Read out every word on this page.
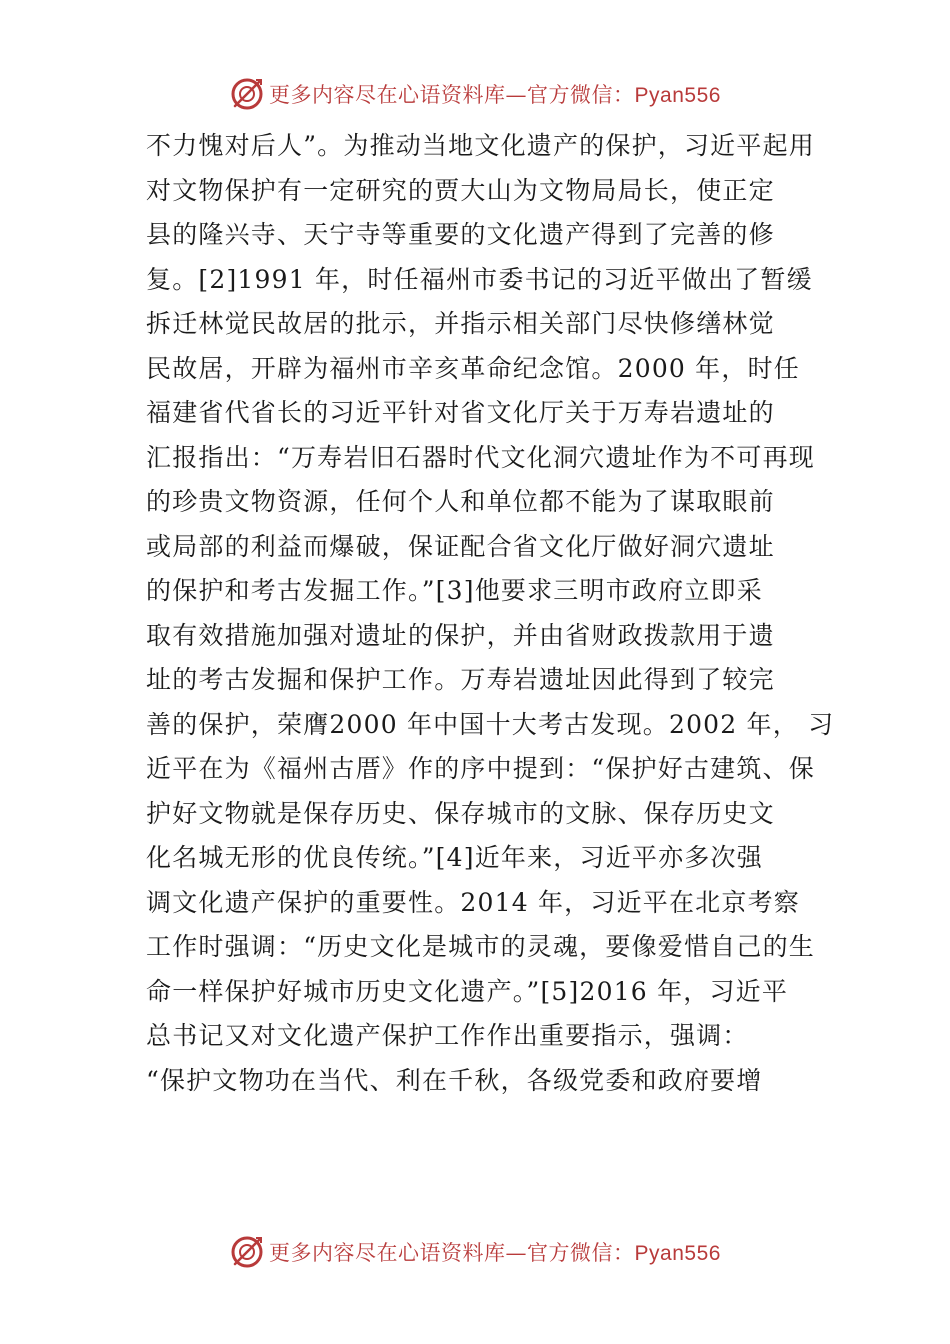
更多内容尽在心语资料库—官方微信：Pyan556
不力愧对后人”。为推动当地文化遗产的保护，习近平起用
对文物保护有一定研究的贾大山为文物局局长，使正定
县的隆兴寺、天宁寺等重要的文化遗产得到了完善的修
复。[2]1991 年，时任福州市委书记的习近平做出了暂缓
拆迁林觉民故居的批示，并指示相关部门尽快修缮林觉
民故居，开辟为福州市辛亥革命纪念馆。2000 年，时任
福建省代省长的习近平针对省文化厅关于万寿岩遗址的
汇报指出：“万寿岩旧石器时代文化洞穴遗址作为不可再现
的珍贵文物资源，任何个人和单位都不能为了谋取眼前
或局部的利益而爆破，保证配合省文化厅做好洞穴遗址
的保护和考古发掘工作。”[3]他要求三明市政府立即采
取有效措施加强对遗址的保护，并由省财政拨款用于遗
址的考古发掘和保护工作。万寿岩遗址因此得到了较完
善的保护，荣膺2000 年中国十大考古发现。2002 年， 习
近平在为《福州古厝》作的序中提到：“保护好古建筑、保
护好文物就是保存历史、保存城市的文脉、保存历史文
化名城无形的优良传统。”[4]近年来，习近平亦多次强
调文化遗产保护的重要性。2014 年，习近平在北京考察
工作时强调：“历史文化是城市的灵魂，要像爱惜自己的生
命一样保护好城市历史文化遗产。”[5]2016 年，习近平
总书记又对文化遗产保护工作作出重要指示，强调：
“保护文物功在当代、利在千秋，各级党委和政府要增
更多内容尽在心语资料库—官方微信：Pyan556
